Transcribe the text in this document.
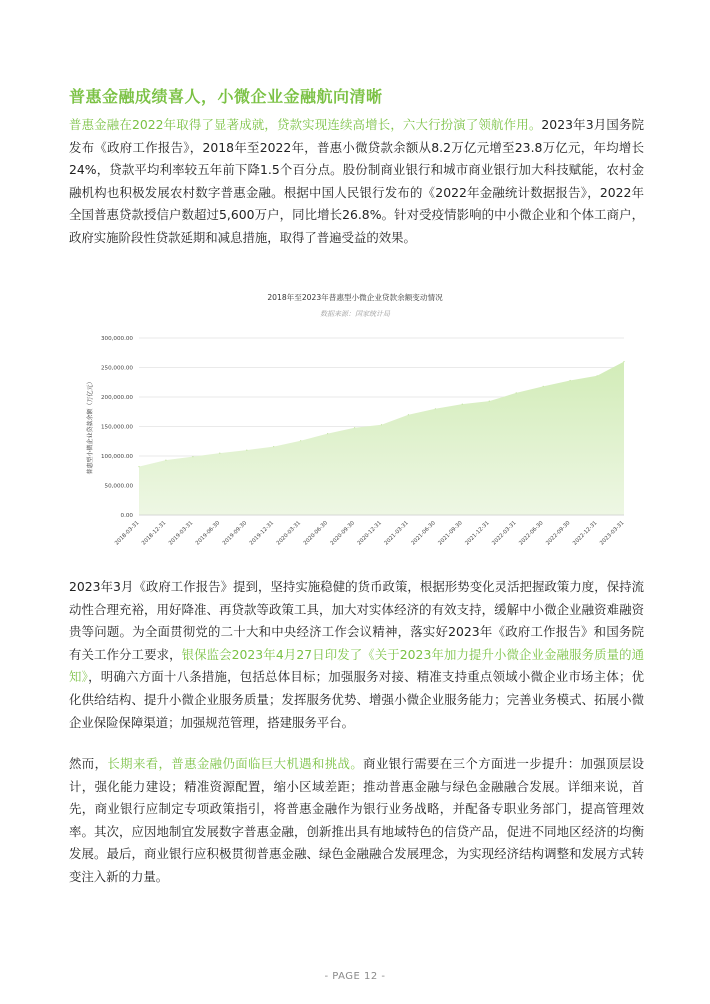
普惠金融成绩喜人，小微企业金融航向清晰

普惠金融在2022年取得了显著成就，贷款实现连续高增长，六大行扮演了领航作用。2023年3月国务院发布《政府工作报告》，2018年至2022年，普惠小微贷款余额从8.2万亿元增至23.8万亿元，年均增长24%，贷款平均利率较五年前下降1.5个百分点。股份制商业银行和城市商业银行加大科技赋能，农村金融机构也积极发展农村数字普惠金融。根据中国人民银行发布的《2022年金融统计数据报告》，2022年全国普惠贷款授信户数超过5,600万户，同比增长26.8%。针对受疫情影响的中小微企业和个体工商户，政府实施阶段性贷款延期和减息措施，取得了普遍受益的效果。

2018年至2023年普惠型小微企业贷款余额变动情况
数据来源：国家统计局
0.00
50,000.00
100,000.00
150,000.00
200,000.00
250,000.00
300,000.00
2018-03-31 2018-12-31 2019-03-31 2019-06-30 2019-09-30 2019-12-31 2020-03-31 2020-06-30 2020-09-30 2020-12-31 2021-03-31 2021-06-30 2021-09-30 2021-12-31 2022-03-31 2022-06-30 2022-09-30 2022-12-31 2023-03-31
普惠型小微企业贷款余额（万亿元）

2023年3月《政府工作报告》提到，坚持实施稳健的货币政策，根据形势变化灵活把握政策力度，保持流动性合理充裕，用好降准、再贷款等政策工具，加大对实体经济的有效支持，缓解中小微企业融资难融资贵等问题。为全面贯彻党的二十大和中央经济工作会议精神，落实好2023年《政府工作报告》和国务院有关工作分工要求，银保监会2023年4月27日印发了《关于2023年加力提升小微企业金融服务质量的通知》，明确六方面十八条措施，包括总体目标；加强服务对接、精准支持重点领域小微企业市场主体；优化供给结构、提升小微企业服务质量；发挥服务优势、增强小微企业服务能力；完善业务模式、拓展小微企业保险保障渠道；加强规范管理，搭建服务平台。

然而，长期来看，普惠金融仍面临巨大机遇和挑战。商业银行需要在三个方面进一步提升：加强顶层设计，强化能力建设；精准资源配置，缩小区域差距；推动普惠金融与绿色金融融合发展。详细来说，首先，商业银行应制定专项政策指引，将普惠金融作为银行业务战略，并配备专职业务部门，提高管理效率。其次，应因地制宜发展数字普惠金融，创新推出具有地域特色的信贷产品，促进不同地区经济的均衡发展。最后，商业银行应积极贯彻普惠金融、绿色金融融合发展理念，为实现经济结构调整和发展方式转变注入新的力量。

- PAGE 12 -
